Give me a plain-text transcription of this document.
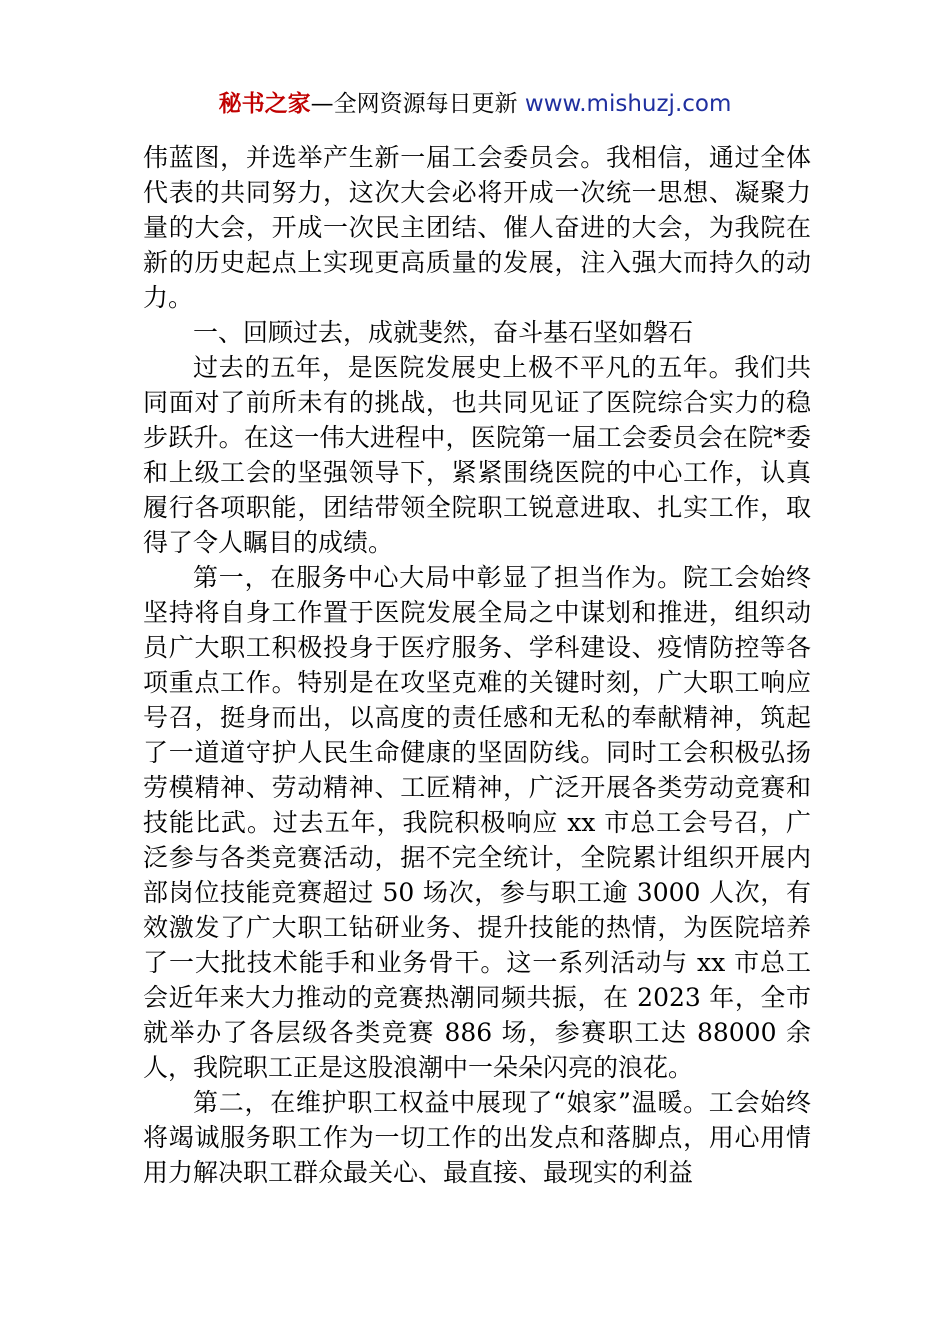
秘书之家—全网资源每日更新 www.mishuzj.com

伟蓝图，并选举产生新一届工会委员会。我相信，通过全体代表的共同努力，这次大会必将开成一次统一思想、凝聚力量的大会，开成一次民主团结、催人奋进的大会，为我院在新的历史起点上实现更高质量的发展，注入强大而持久的动力。

一、回顾过去，成就斐然，奋斗基石坚如磐石

过去的五年，是医院发展史上极不平凡的五年。我们共同面对了前所未有的挑战，也共同见证了医院综合实力的稳步跃升。在这一伟大进程中，医院第一届工会委员会在院*委和上级工会的坚强领导下，紧紧围绕医院的中心工作，认真履行各项职能，团结带领全院职工锐意进取、扎实工作，取得了令人瞩目的成绩。

第一，在服务中心大局中彰显了担当作为。院工会始终坚持将自身工作置于医院发展全局之中谋划和推进，组织动员广大职工积极投身于医疗服务、学科建设、疫情防控等各项重点工作。特别是在攻坚克难的关键时刻，广大职工响应号召，挺身而出，以高度的责任感和无私的奉献精神，筑起了一道道守护人民生命健康的坚固防线。同时工会积极弘扬劳模精神、劳动精神、工匠精神，广泛开展各类劳动竞赛和技能比武。过去五年，我院积极响应 xx 市总工会号召，广泛参与各类竞赛活动，据不完全统计，全院累计组织开展内部岗位技能竞赛超过 50 场次，参与职工逾 3000 人次，有效激发了广大职工钻研业务、提升技能的热情，为医院培养了一大批技术能手和业务骨干。这一系列活动与 xx 市总工会近年来大力推动的竞赛热潮同频共振，在 2023 年，全市就举办了各层级各类竞赛 886 场，参赛职工达 88000 余人，我院职工正是这股浪潮中一朵朵闪亮的浪花。

第二，在维护职工权益中展现了“娘家”温暖。工会始终将竭诚服务职工作为一切工作的出发点和落脚点，用心用情用力解决职工群众最关心、最直接、最现实的利益
